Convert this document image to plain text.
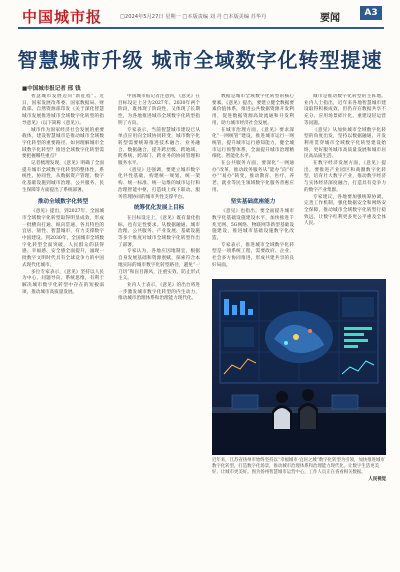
中国城市报	□2024年5月27日 星期一 □本版责编 刘 丹 □本版美编 苏华丹	要闻	A3
智慧城市升级 城市全域数字化转型提速
■中国城市报记者 邢 钱

智慧城市发展迈向“新征程”。近日，国家发展改革委、国家数据局、财政部、自然资源部印发《关于深化智慧城市发展推进城市全域数字化转型的指导意见》（以下简称《意见》）。

城市作为国家经济社会发展的重要载体，建设智慧城市是推动城市全域数字化转型的重要路径。如何理解城市全域数字化转型？推进全域数字化转型需要把握哪些重点？

记者梳理发现，《意见》明确了全面提升城市全域数字化转型的整体性、系统性、协同性，从数据资产管理、数字化基础设施到城市治理、公共服务、民生保障等方面提出了系统部署。

推动全域数字化转型

《意见》提出，到2027年，全国城市全域数字化转型取得明显成效，形成一批横向打通、纵向贯通、各具特色的宜居、韧性、智慧城市，有力支撑数字中国建设。到2030年，全国城市全域数字化转型全面突破，人民群众的获得感、幸福感、安全感全面提升，涌现一批数字文明时代具有全球竞争力的中国式现代化城市。

多位专家表示，《意见》坚持以人民为中心、问题导向、系统思维，有利于解决城市数字化转型中存在的短板弱项，推动城市高质量发展。

中国城市报记者注意到，《意见》在目标设定上分为2027年、2030年两个阶段，既体现了阶段性，又体现了长期性，为各地推进城市全域数字化转型指明了方向。

专家表示，当前智慧城市建设已从单点应用向全域协同转变，城市数字化转型需要统筹推进技术融合、业务融合、数据融合，提升跨层级、跨地域、跨系统、跨部门、跨业务的协同管理和服务水平。

《意见》还强调，要建立城市数字化共性基础，构建统一规划、统一架构、统一标准、统一运维的城市运行和治理智能中枢，打造线上线下联动、服务管理协同的城市共性支撑平台。

统筹优化发展上目标

在目标设定上，《意见》既有量化指标，也有定性要求。从数据融通、城市治理、公共服务、产业发展、基础设施等多个维度对城市全域数字化转型作出了部署。

专家认为，各地应因地制宜，根据自身发展基础和资源禀赋，探索符合本地实际的城市数字化转型路径，避免“一刀切”和盲目跟风，注重实效、防止形式主义。

业内人士表示，《意见》的出台将进一步激发城市数字化转型的内生动力，推动城市治理体系和治理能力现代化。

数据是城市全域数字化转型的核心要素。《意见》提出，要建立健全数据要素价值体系，推进公共数据资源开发利用，促进数据资源高效流通和开发利用，助力城市经济社会发展。

在城市治理方面，《意见》要求深化“一网统管”建设，推进城市运行一网统管，提升城市运行感知能力，健全城市运行预警体系，全面提升城市治理精细化、智能化水平。

在公共服务方面，要深化“一网通办”改革，推动政务服务从“能办”向“好办”“易办”转变，推动教育、医疗、养老、就业等民生领域数字化服务普惠应用。

坚实基础底座能力

《意见》也指出，要全面提升城市数字化基础设施建设水平，加快推进千兆光网、5G网络、物联网等新型基础设施建设，推进城市基础设施数字化改造。

专家表示，推进城市全域数字化转型是一项系统工程，需要政府、企业、社会多方协同推进，形成共建共享的良好局面。

城市是推动数字化转型的主阵地。业内人士指出，近年来各地智慧城市建设取得积极成效，但仍存在数据共享不充分、应用场景碎片化、重建设轻运营等问题。

《意见》从加快城市全域数字化转型的角度出发，坚持以数据融通、开发利用贯穿城市全域数字化转型建设始终，更好服务城市高质量发展和城市居民高品质生活。

在数字经济发展方面，《意见》提出，要推进产业园区和商圈数字化转型，培育壮大数字产业，推动数字经济与实体经济深度融合，打造具有竞争力的数字产业集群。

专家建议，各地要加强统筹协调，完善工作机制，强化数据安全和网络安全保障，推动城市全域数字化转型行稳致远，让数字红利更多更公平惠及全体人民。

近年来，江苏省扬州市始终坚持以“幸福城市·宜居之城”数字化转型为引领，加快推进城市数字化转型，打造数字化场景，推动城市治理体系和治理能力现代化，让数字生活更美好，让城市更美好。图为扬州智慧城市运营中心，工作人员正在查看相关数据。
人民视觉
